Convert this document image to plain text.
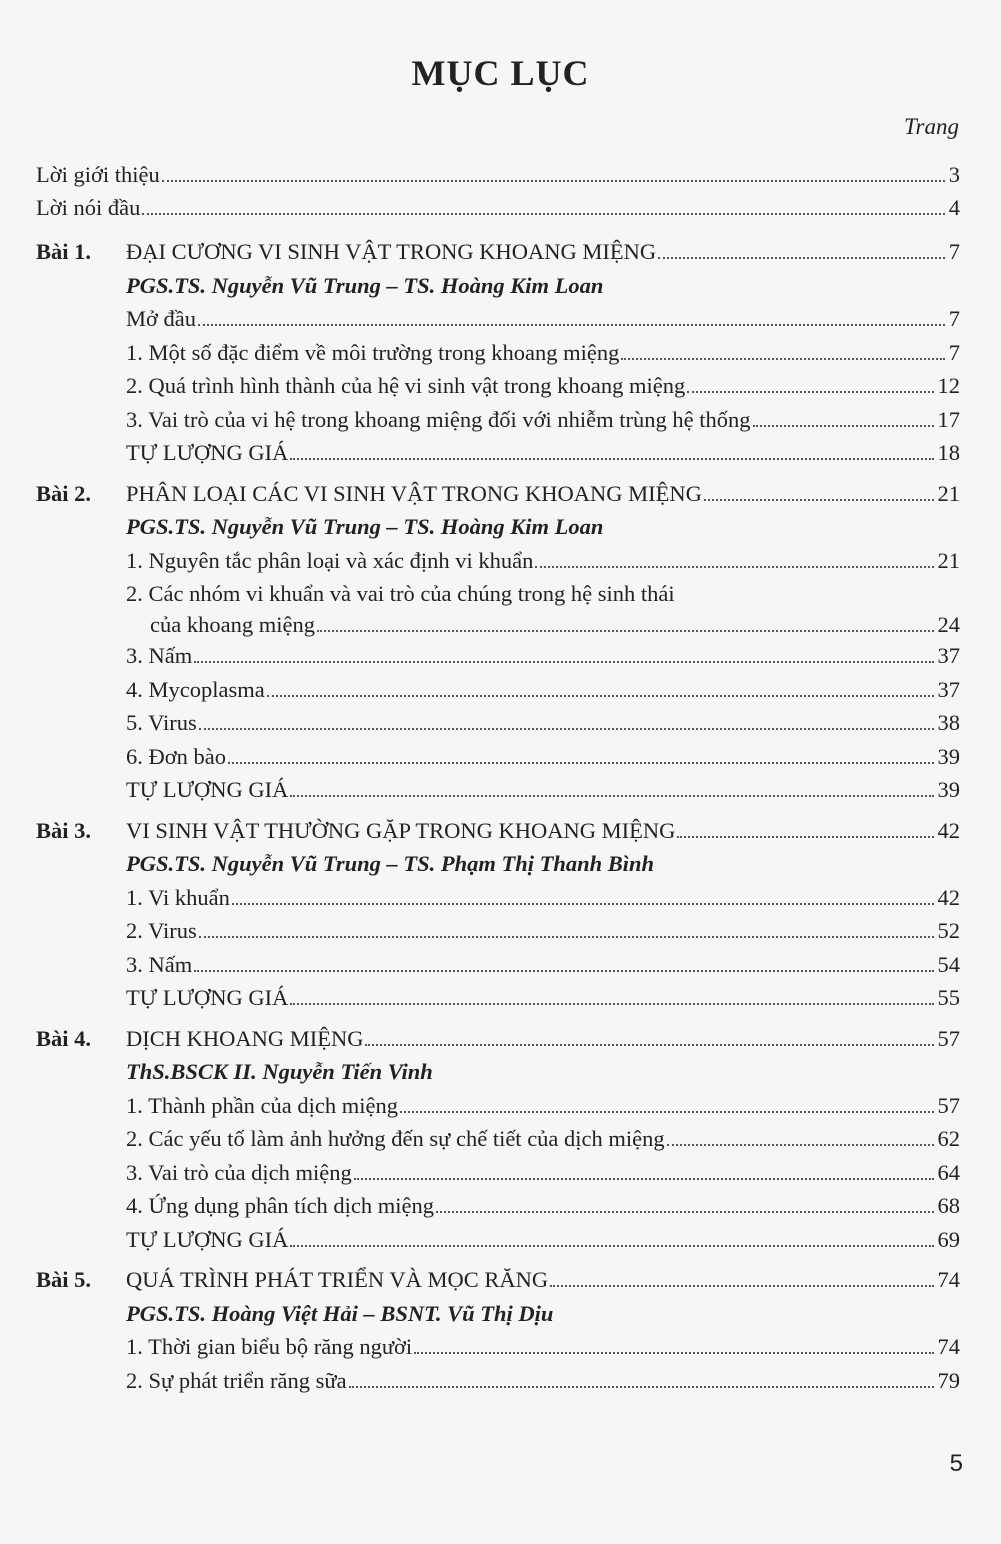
MỤC LỤC
Trang
Lời giới thiệu	3
Lời nói đầu	4
Bài 1. ĐẠI CƯƠNG VI SINH VẬT TRONG KHOANG MIỆNG	7
PGS.TS. Nguyễn Vũ Trung – TS. Hoàng Kim Loan
Mở đầu	7
1. Một số đặc điểm về môi trường trong khoang miệng	7
2. Quá trình hình thành của hệ vi sinh vật trong khoang miệng	12
3. Vai trò của vi hệ trong khoang miệng đối với nhiễm trùng hệ thống	17
TỰ LƯỢNG GIÁ	18
Bài 2. PHÂN LOẠI CÁC VI SINH VẬT TRONG KHOANG MIỆNG	21
PGS.TS. Nguyễn Vũ Trung – TS. Hoàng Kim Loan
1. Nguyên tắc phân loại và xác định vi khuẩn	21
2. Các nhóm vi khuẩn và vai trò của chúng trong hệ sinh thái
của khoang miệng	24
3. Nấm	37
4. Mycoplasma	37
5. Virus	38
6. Đơn bào	39
TỰ LƯỢNG GIÁ	39
Bài 3. VI SINH VẬT THƯỜNG GẶP TRONG KHOANG MIỆNG	42
PGS.TS. Nguyễn Vũ Trung – TS. Phạm Thị Thanh Bình
1. Vi khuẩn	42
2. Virus	52
3. Nấm	54
TỰ LƯỢNG GIÁ	55
Bài 4. DỊCH KHOANG MIỆNG	57
ThS.BSCK II. Nguyễn Tiến Vinh
1. Thành phần của dịch miệng	57
2. Các yếu tố làm ảnh hưởng đến sự chế tiết của dịch miệng	62
3. Vai trò của dịch miệng	64
4. Ứng dụng phân tích dịch miệng	68
TỰ LƯỢNG GIÁ	69
Bài 5. QUÁ TRÌNH PHÁT TRIỂN VÀ MỌC RĂNG	74
PGS.TS. Hoàng Việt Hải – BSNT. Vũ Thị Dịu
1. Thời gian biểu bộ răng người	74
2. Sự phát triển răng sữa	79
5
